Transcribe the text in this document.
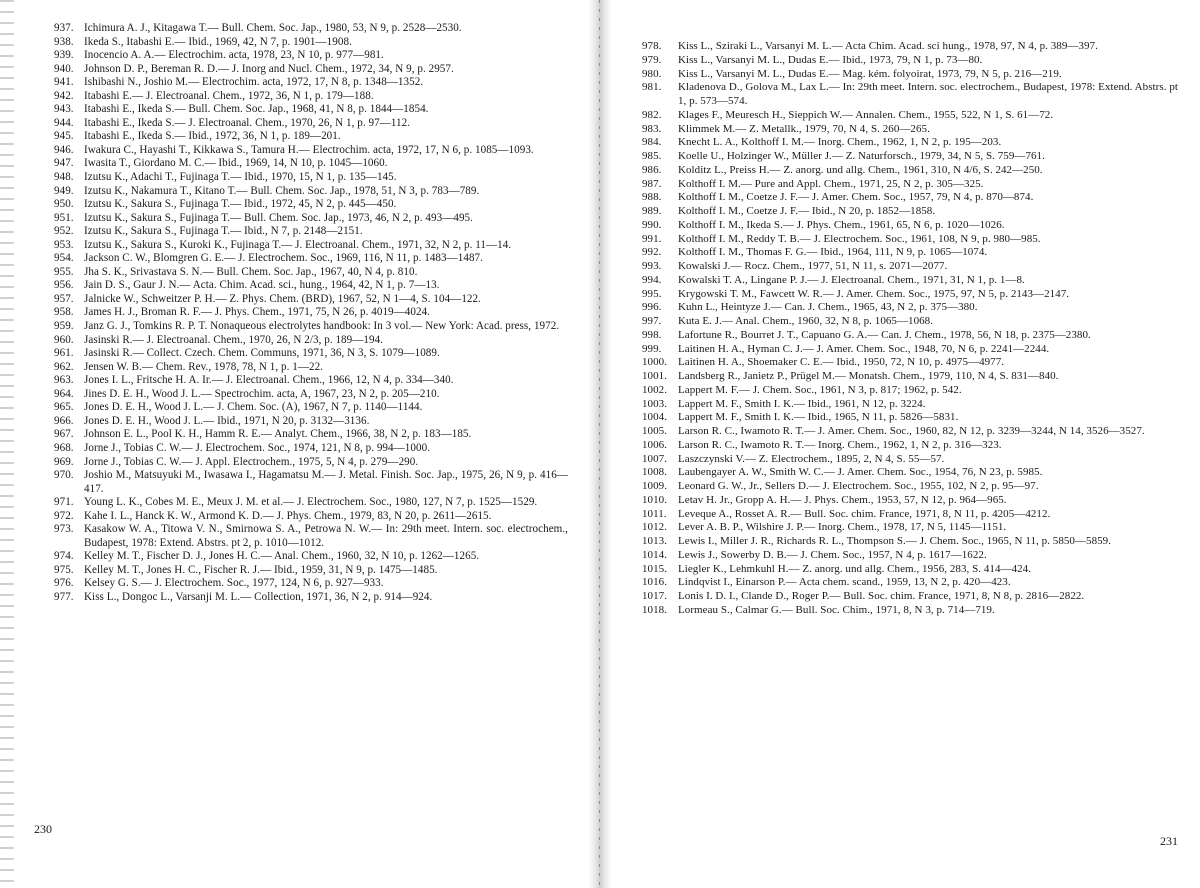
937. Ichimura A. J., Kitagawa T.— Bull. Chem. Soc. Jap., 1980, 53, N 9, p. 2528—2530.
938. Ikeda S., Itabashi E.— Ibid., 1969, 42, N 7, p. 1901—1908.
939. Inocencio A. A.— Electrochim. acta, 1978, 23, N 10, p. 977—981.
940. Johnson D. P., Bereman R. D.— J. Inorg and Nucl. Chem., 1972, 34, N 9, p. 2957.
941. Ishibashi N., Joshio M.— Electrochim. acta, 1972, 17, N 8, p. 1348—1352.
942. Itabashi E.— J. Electroanal. Chem., 1972, 36, N 1, p. 179—188.
943. Itabashi E., Ikeda S.— Bull. Chem. Soc. Jap., 1968, 41, N 8, p. 1844—1854.
944. Itabashi E., Ikeda S.— J. Electroanal. Chem., 1970, 26, N 1, p. 97—112.
945. Itabashi E., Ikeda S.— Ibid., 1972, 36, N 1, p. 189—201.
946. Iwakura C., Hayashi T., Kikkawa S., Tamura H.— Electrochim. acta, 1972, 17, N 6, p. 1085—1093.
947. Iwasita T., Giordano M. C.— Ibid., 1969, 14, N 10, p. 1045—1060.
948. Izutsu K., Adachi T., Fujinaga T.— Ibid., 1970, 15, N 1, p. 135—145.
949. Izutsu K., Nakamura T., Kitano T.— Bull. Chem. Soc. Jap., 1978, 51, N 3, p. 783—789.
950. Izutsu K., Sakura S., Fujinaga T.— Ibid., 1972, 45, N 2, p. 445—450.
951. Izutsu K., Sakura S., Fujinaga T.— Bull. Chem. Soc. Jap., 1973, 46, N 2, p. 493—495.
952. Izutsu K., Sakura S., Fujinaga T.— Ibid., N 7, p. 2148—2151.
953. Izutsu K., Sakura S., Kuroki K., Fujinaga T.— J. Electroanal. Chem., 1971, 32, N 2, p. 11—14.
954. Jackson C. W., Blomgren G. E.— J. Electrochem. Soc., 1969, 116, N 11, p. 1483—1487.
955. Jha S. K., Srivastava S. N.— Bull. Chem. Soc. Jap., 1967, 40, N 4, p. 810.
956. Jain D. S., Gaur J. N.— Acta. Chim. Acad. sci., hung., 1964, 42, N 1, p. 7—13.
957. Jalnicke W., Schweitzer P. H.— Z. Phys. Chem. (BRD), 1967, 52, N 1—4, S. 104—122.
958. James H. J., Broman R. F.— J. Phys. Chem., 1971, 75, N 26, p. 4019—4024.
959. Janz G. J., Tomkins R. P. T. Nonaqueous electrolytes handbook: In 3 vol.— New York: Acad. press, 1972.
960. Jasinski R.— J. Electroanal. Chem., 1970, 26, N 2/3, p. 189—194.
961. Jasinski R.— Collect. Czech. Chem. Communs, 1971, 36, N 3, S. 1079—1089.
962. Jensen W. B.— Chem. Rev., 1978, 78, N 1, p. 1—22.
963. Jones I. L., Fritsche H. A. Ir.— J. Electroanal. Chem., 1966, 12, N 4, p. 334—340.
964. Jines D. E. H., Wood J. L.— Spectrochim. acta, A, 1967, 23, N 2, p. 205—210.
965. Jones D. E. H., Wood J. L.— J. Chem. Soc. (A), 1967, N 7, p. 1140—1144.
966. Jones D. E. H., Wood J. L.— Ibid., 1971, N 20, p. 3132—3136.
967. Johnson E. L., Pool K. H., Hamm R. E.— Analyt. Chem., 1966, 38, N 2, p. 183—185.
968. Jorne J., Tobias C. W.— J. Electrochem. Soc., 1974, 121, N 8, p. 994—1000.
969. Jorne J., Tobias C. W.— J. Appl. Electrochem., 1975, 5, N 4, p. 279—290.
970. Joshio M., Matsuyuki M., Iwasawa I., Hagamatsu M.— J. Metal. Finish. Soc. Jap., 1975, 26, N 9, p. 416—417.
971. Young L. K., Cobes M. E., Meux J. M. et al.— J. Electrochem. Soc., 1980, 127, N 7, p. 1525—1529.
972. Kahe I. L., Hanck K. W., Armond K. D.— J. Phys. Chem., 1979, 83, N 20, p. 2611—2615.
973. Kasakow W. A., Titowa V. N., Smirnowa S. A., Petrowa N. W.— In: 29th meet. Intern. soc. electrochem., Budapest, 1978: Extend. Abstrs. pt 2, p. 1010—1012.
974. Kelley M. T., Fischer D. J., Jones H. C.— Anal. Chem., 1960, 32, N 10, p. 1262—1265.
975. Kelley M. T., Jones H. C., Fischer R. J.— Ibid., 1959, 31, N 9, p. 1475—1485.
976. Kelsey G. S.— J. Electrochem. Soc., 1977, 124, N 6, p. 927—933.
977. Kiss L., Dongoc L., Varsanji M. L.— Collection, 1971, 36, N 2, p. 914—924.
230
978.	Kiss L., Sziraki L., Varsanyi M. L.— Acta Chim. Acad. sci hung., 1978, 97, N 4, p. 389—397.
979.	Kiss L., Varsanyi M. L., Dudas E.— Ibid., 1973, 79, N 1, p. 73—80.
980.	Kiss L., Varsanyi M. L., Dudas E.— Mag. kém. folyoirat, 1973, 79, N 5, p. 216—219.
981.	Kladenova D., Golova M., Lax L.— In: 29th meet. Intern. soc. electrochem., Budapest, 1978: Extend. Abstrs. pt 1, p. 573—574.
982.	Klages F., Meuresch H., Sieppich W.— Annalen. Chem., 1955, 522, N 1, S. 61—72.
983.	Klimmek M.— Z. Metallk., 1979, 70, N 4, S. 260—265.
984.	Knecht L. A., Kolthoff I. M.— Inorg. Chem., 1962, 1, N 2, p. 195—203.
985.	Koelle U., Holzinger W., Müller J.— Z. Naturforsch., 1979, 34, N 5, S. 759—761.
986.	Kolditz L., Preiss H.— Z. anorg. und allg. Chem., 1961, 310, N 4/6, S. 242—250.
987.	Kolthoff I. M.— Pure and Appl. Chem., 1971, 25, N 2, p. 305—325.
988.	Kolthoff I. M., Coetze J. F.— J. Amer. Chem. Soc., 1957, 79, N 4, p. 870—874.
989.	Kolthoff I. M., Coetze J. F.— Ibid., N 20, p. 1852—1858.
990.	Kolthoff I. M., Ikeda S.— J. Phys. Chem., 1961, 65, N 6, p. 1020—1026.
991.	Kolthoff I. M., Reddy T. B.— J. Electrochem. Soc., 1961, 108, N 9, p. 980—985.
992.	Kolthoff I. M., Thomas F. G.— Ibid., 1964, 111, N 9, p. 1065—1074.
993.	Kowalski J.— Rocz. Chem., 1977, 51, N 11, s. 2071—2077.
994.	Kowalski T. A., Lingane P. J.— J. Electroanal. Chem., 1971, 31, N 1, p. 1—8.
995.	Krygowski T. M., Fawcett W. R.— J. Amer. Chem. Soc., 1975, 97, N 5, p. 2143—2147.
996.	Kuhn L., Heintyze J.— Can. J. Chem., 1965, 43, N 2, p. 375—380.
997.	Kuta E. J.— Anal. Chem., 1960, 32, N 8, p. 1065—1068.
998.	Lafortune R., Bourret J. T., Capuano G. A.— Can. J. Chem., 1978, 56, N 18, p. 2375—2380.
999.	Laitinen H. A., Hyman C. J.— J. Amer. Chem. Soc., 1948, 70, N 6, p. 2241—2244.
1000.	Laitinen H. A., Shoemaker C. E.— Ibid., 1950, 72, N 10, p. 4975—4977.
1001.	Landsberg R., Janietz P., Prügel M.— Monatsh. Chem., 1979, 110, N 4, S. 831—840.
1002.	Lappert M. F.— J. Chem. Soc., 1961, N 3, p. 817; 1962, p. 542.
1003.	Lappert M. F., Smith I. K.— Ibid., 1961, N 12, p. 3224.
1004.	Lappert M. F., Smith I. K.— Ibid., 1965, N 11, p. 5826—5831.
1005.	Larson R. C., Iwamoto R. T.— J. Amer. Chem. Soc., 1960, 82, N 12, p. 3239—3244, N 14, 3526—3527.
1006.	Larson R. C., Iwamoto R. T.— Inorg. Chem., 1962, 1, N 2, p. 316—323.
1007.	Laszczynski V.— Z. Electrochem., 1895, 2, N 4, S. 55—57.
1008.	Laubengayer A. W., Smith W. C.— J. Amer. Chem. Soc., 1954, 76, N 23, p. 5985.
1009.	Leonard G. W., Jr., Sellers D.— J. Electrochem. Soc., 1955, 102, N 2, p. 95—97.
1010.	Letav H. Jr., Gropp A. H.— J. Phys. Chem., 1953, 57, N 12, p. 964—965.
1011.	Leveque A., Rosset A. R.— Bull. Soc. chim. France, 1971, 8, N 11, p. 4205—4212.
1012.	Lever A. B. P., Wilshire J. P.— Inorg. Chem., 1978, 17, N 5, 1145—1151.
1013.	Lewis I., Miller J. R., Richards R. L., Thompson S.— J. Chem. Soc., 1965, N 11, p. 5850—5859.
1014.	Lewis J., Sowerby D. B.— J. Chem. Soc., 1957, N 4, p. 1617—1622.
1015.	Liegler K., Lehmkuhl H.— Z. anorg. und allg. Chem., 1956, 283, S. 414—424.
1016.	Lindqvist I., Einarson P.— Acta chem. scand., 1959, 13, N 2, p. 420—423.
1017.	Lonis I. D. I., Clande D., Roger P.— Bull. Soc. chim. France, 1971, 8, N 8, p. 2816—2822.
1018.	Lormeau S., Calmar G.— Bull. Soc. Chim., 1971, 8, N 3, p. 714—719.
231
